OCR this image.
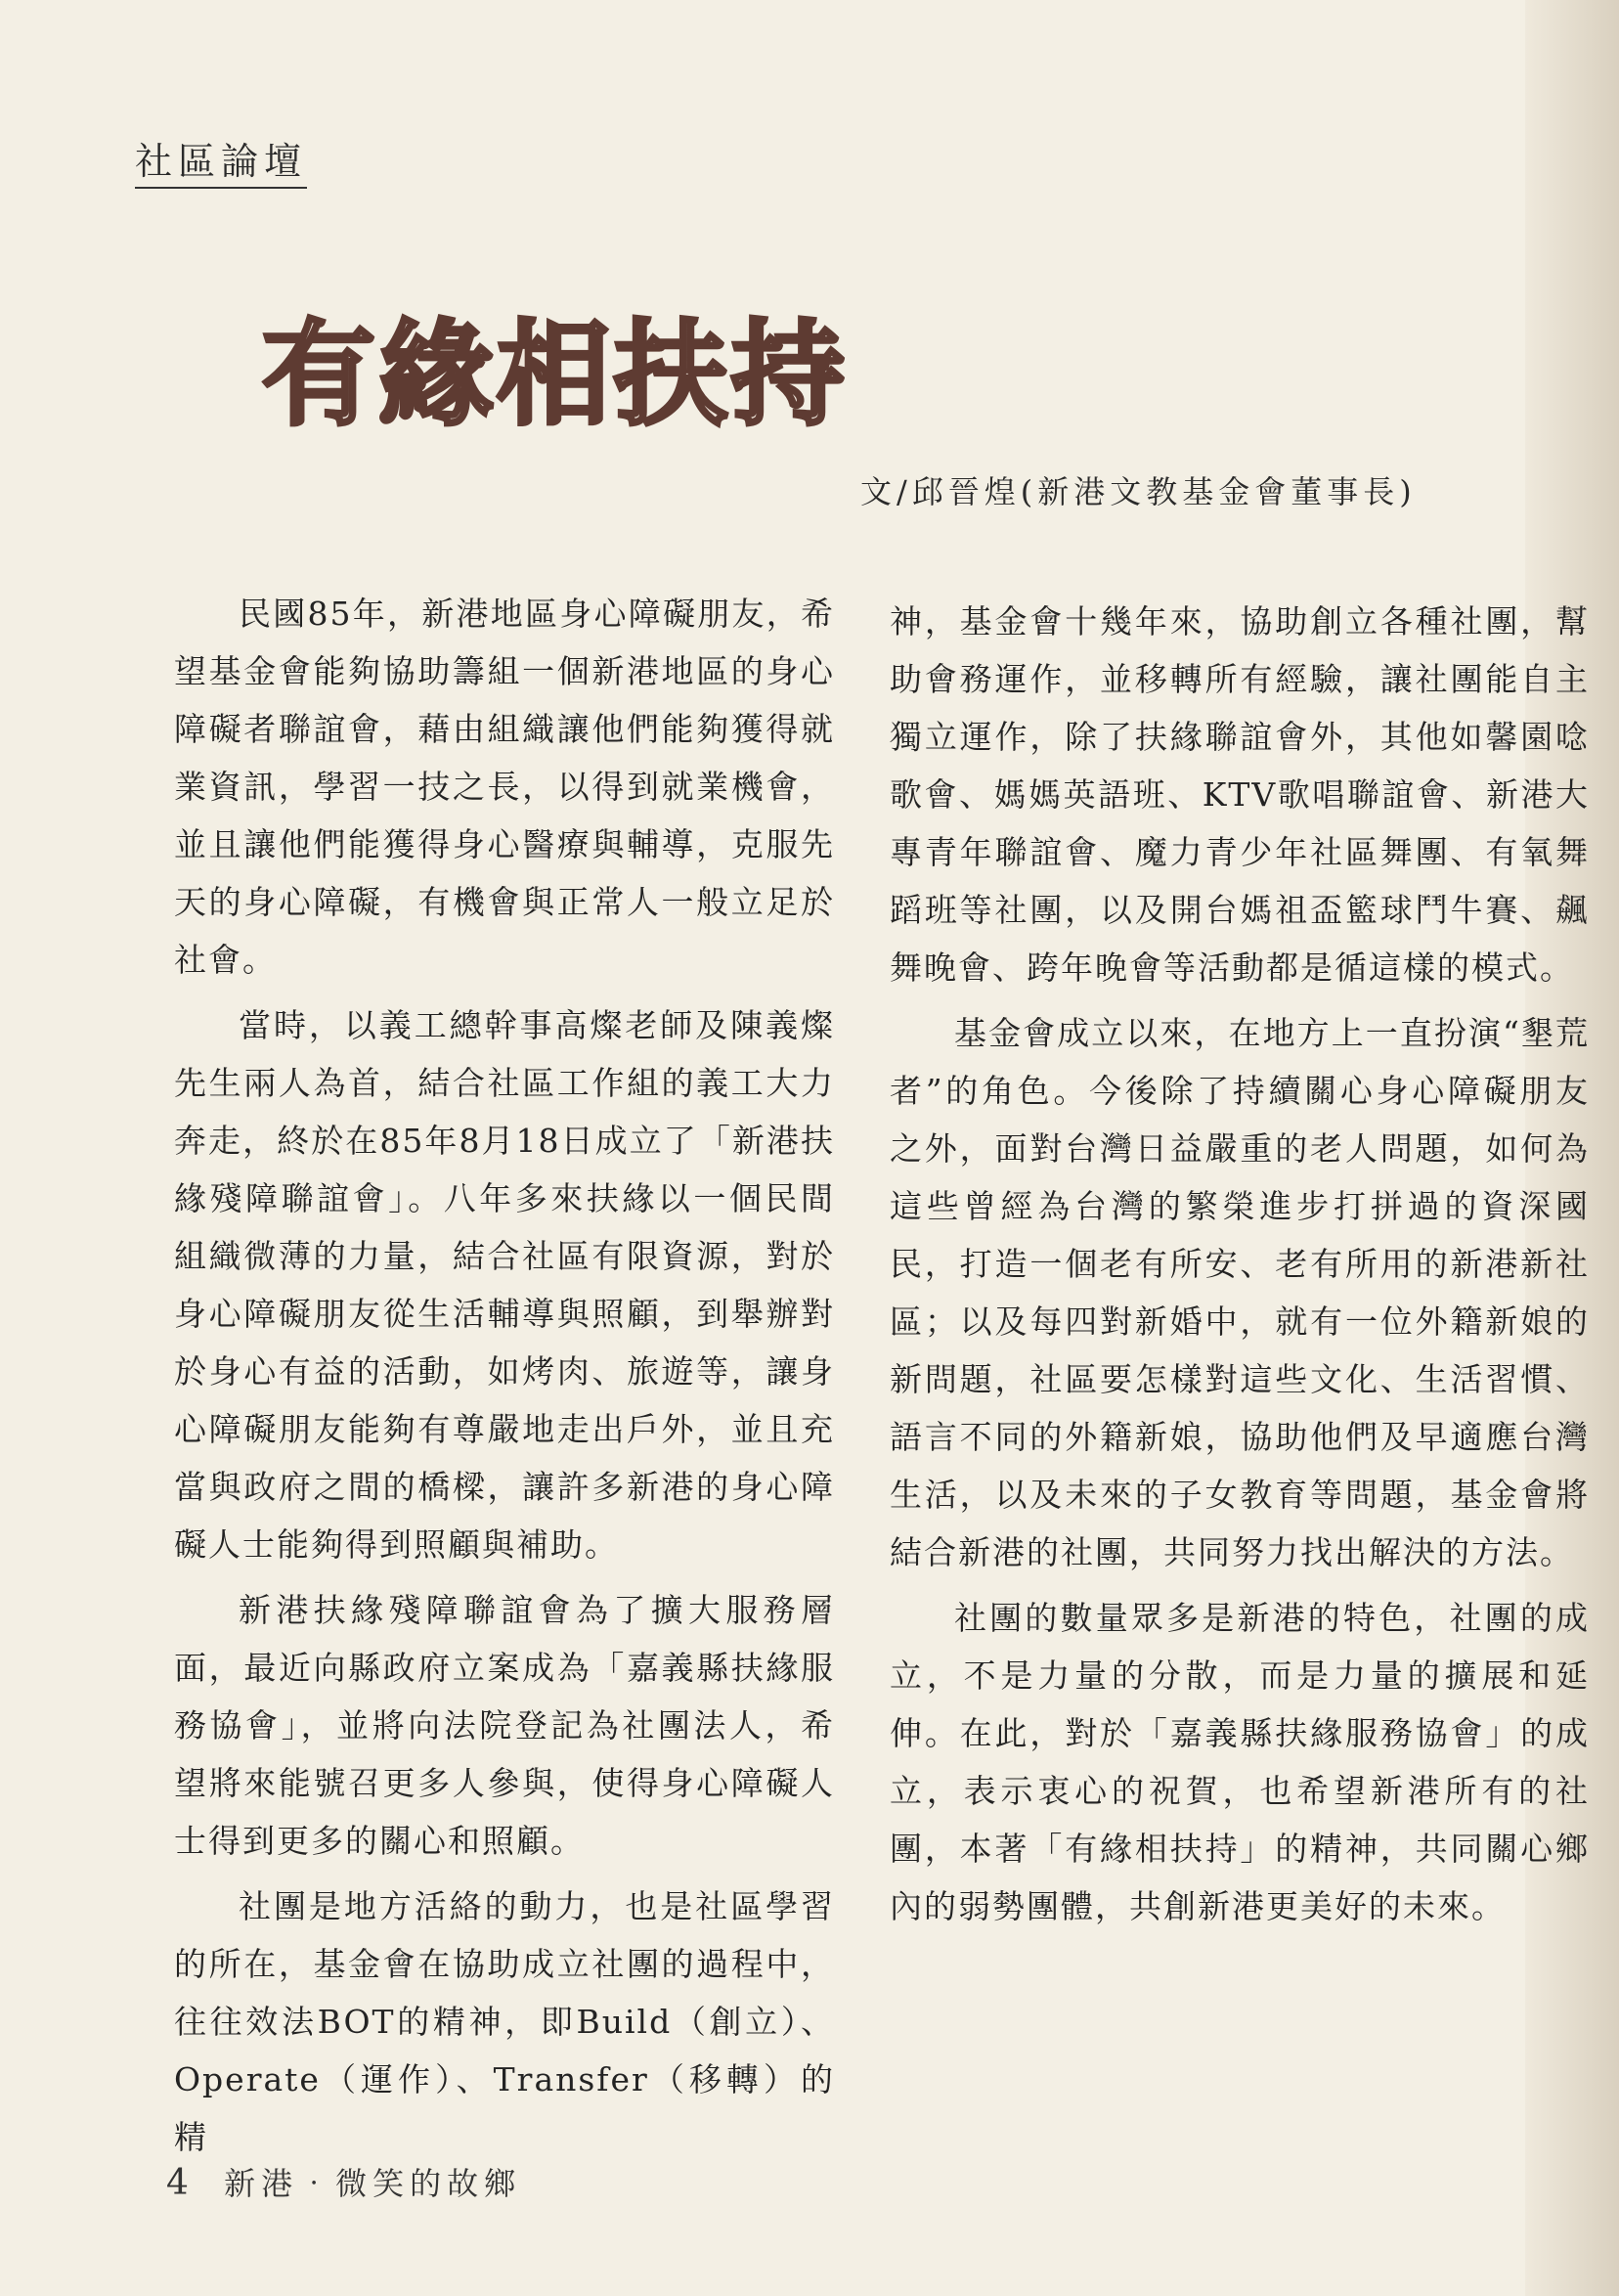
社區論壇
有緣相扶持
文/邱晉煌(新港文教基金會董事長)

民國85年，新港地區身心障礙朋友，希望基金會能夠協助籌組一個新港地區的身心障礙者聯誼會，藉由組織讓他們能夠獲得就業資訊，學習一技之長，以得到就業機會，並且讓他們能獲得身心醫療與輔導，克服先天的身心障礙，有機會與正常人一般立足於社會。

當時，以義工總幹事高燦老師及陳義燦先生兩人為首，結合社區工作組的義工大力奔走，終於在85年8月18日成立了「新港扶緣殘障聯誼會」。八年多來扶緣以一個民間組織微薄的力量，結合社區有限資源，對於身心障礙朋友從生活輔導與照顧，到舉辦對於身心有益的活動，如烤肉、旅遊等，讓身心障礙朋友能夠有尊嚴地走出戶外，並且充當與政府之間的橋樑，讓許多新港的身心障礙人士能夠得到照顧與補助。

新港扶緣殘障聯誼會為了擴大服務層面，最近向縣政府立案成為「嘉義縣扶緣服務協會」，並將向法院登記為社團法人，希望將來能號召更多人參與，使得身心障礙人士得到更多的關心和照顧。

社團是地方活絡的動力，也是社區學習的所在，基金會在協助成立社團的過程中，往往效法BOT的精神，即Build（創立）、Operate（運作）、Transfer（移轉）的精

神，基金會十幾年來，協助創立各種社團，幫助會務運作，並移轉所有經驗，讓社團能自主獨立運作，除了扶緣聯誼會外，其他如馨園唸歌會、媽媽英語班、KTV歌唱聯誼會、新港大專青年聯誼會、魔力青少年社區舞團、有氧舞蹈班等社團，以及開台媽祖盃籃球鬥牛賽、飆舞晚會、跨年晚會等活動都是循這樣的模式。

基金會成立以來，在地方上一直扮演“墾荒者”的角色。今後除了持續關心身心障礙朋友之外，面對台灣日益嚴重的老人問題，如何為這些曾經為台灣的繁榮進步打拼過的資深國民，打造一個老有所安、老有所用的新港新社區；以及每四對新婚中，就有一位外籍新娘的新問題，社區要怎樣對這些文化、生活習慣、語言不同的外籍新娘，協助他們及早適應台灣生活，以及未來的子女教育等問題，基金會將結合新港的社團，共同努力找出解決的方法。

社團的數量眾多是新港的特色，社團的成立，不是力量的分散，而是力量的擴展和延伸。在此，對於「嘉義縣扶緣服務協會」的成立，表示衷心的祝賀，也希望新港所有的社團，本著「有緣相扶持」的精神，共同關心鄉內的弱勢團體，共創新港更美好的未來。

4 新港‧微笑的故鄉
